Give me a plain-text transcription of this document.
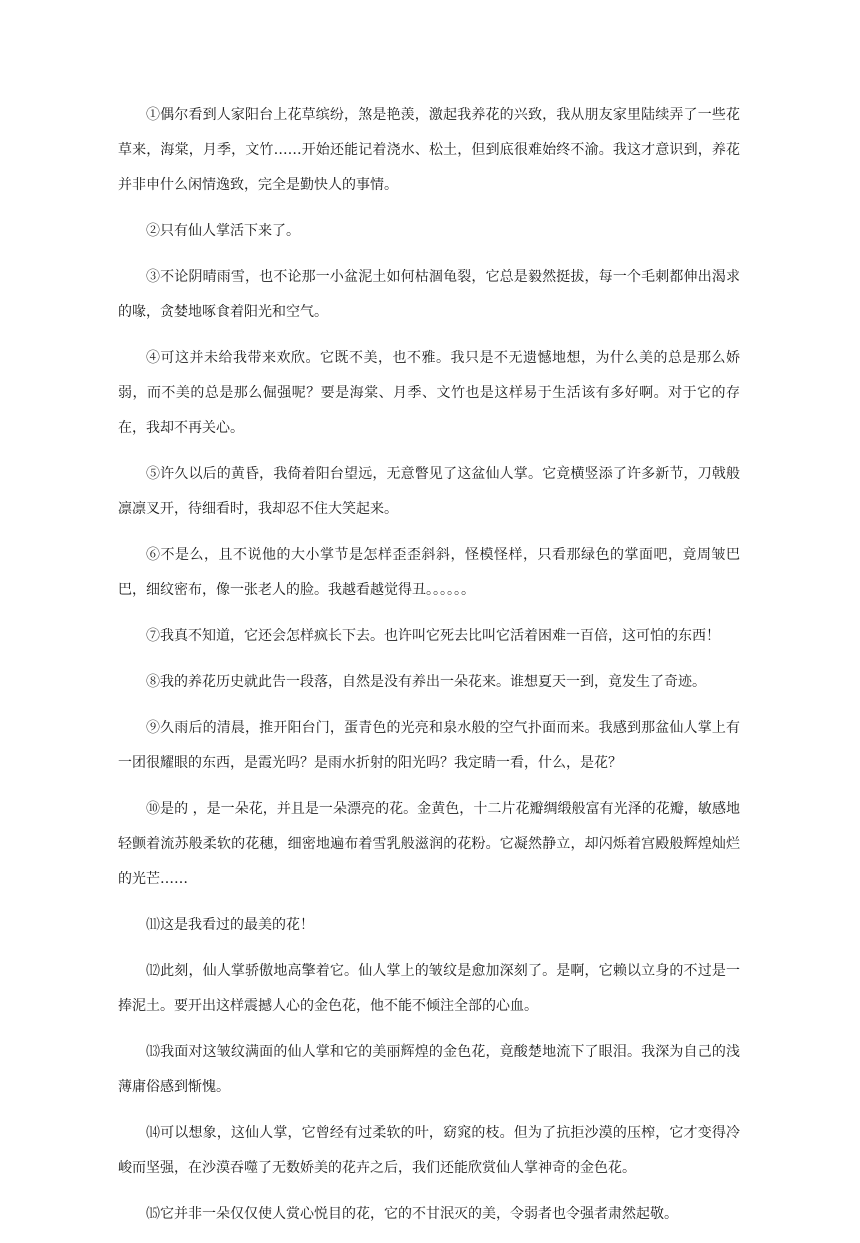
①偶尔看到人家阳台上花草缤纷，煞是艳羡，激起我养花的兴致，我从朋友家里陆续弄了一些花草来，海棠，月季，文竹……开始还能记着浇水、松土，但到底很难始终不渝。我这才意识到，养花并非申什么闲情逸致，完全是勤快人的事情。

②只有仙人掌活下来了。

③不论阴晴雨雪，也不论那一小盆泥土如何枯涸龟裂，它总是毅然挺拔，每一个毛刺都伸出渴求的喙，贪婪地啄食着阳光和空气。

④可这并未给我带来欢欣。它既不美，也不雅。我只是不无遗憾地想，为什么美的总是那么娇弱，而不美的总是那么倔强呢？要是海棠、月季、文竹也是这样易于生活该有多好啊。对于它的存在，我却不再关心。

⑤许久以后的黄昏，我倚着阳台望远，无意瞥见了这盆仙人掌。它竟横竖添了许多新节，刀戟般凛凛叉开，待细看时，我却忍不住大笑起来。

⑥不是么，且不说他的大小掌节是怎样歪歪斜斜，怪模怪样，只看那绿色的掌面吧，竟周皱巴巴，细纹密布，像一张老人的脸。我越看越觉得丑。。。。。。

⑦我真不知道，它还会怎样疯长下去。也许叫它死去比叫它活着困难一百倍，这可怕的东西！

⑧我的养花历史就此告一段落，自然是没有养出一朵花来。谁想夏天一到，竟发生了奇迹。

⑨久雨后的清晨，推开阳台门，蛋青色的光亮和泉水般的空气扑面而来。我感到那盆仙人掌上有一团很耀眼的东西，是霞光吗？是雨水折射的阳光吗？我定睛一看，什么，是花？

⑩是的 ，是一朵花，并且是一朵漂亮的花。金黄色，十二片花瓣绸缎般富有光泽的花瓣，敏感地轻颤着流苏般柔软的花穗，细密地遍布着雪乳般滋润的花粉。它凝然静立，却闪烁着宫殿般辉煌灿烂的光芒……

⑾这是我看过的最美的花！

⑿此刻，仙人掌骄傲地高擎着它。仙人掌上的皱纹是愈加深刻了。是啊，它赖以立身的不过是一捧泥土。要开出这样震撼人心的金色花，他不能不倾注全部的心血。

⒀我面对这皱纹满面的仙人掌和它的美丽辉煌的金色花，竟酸楚地流下了眼泪。我深为自己的浅薄庸俗感到惭愧。

⒁可以想象，这仙人掌，它曾经有过柔软的叶，窈窕的枝。但为了抗拒沙漠的压榨，它才变得冷峻而坚强，在沙漠吞噬了无数娇美的花卉之后，我们还能欣赏仙人掌神奇的金色花。

⒂它并非一朵仅仅使人赏心悦目的花，它的不甘泯灭的美，令弱者也令强者肃然起敬。
